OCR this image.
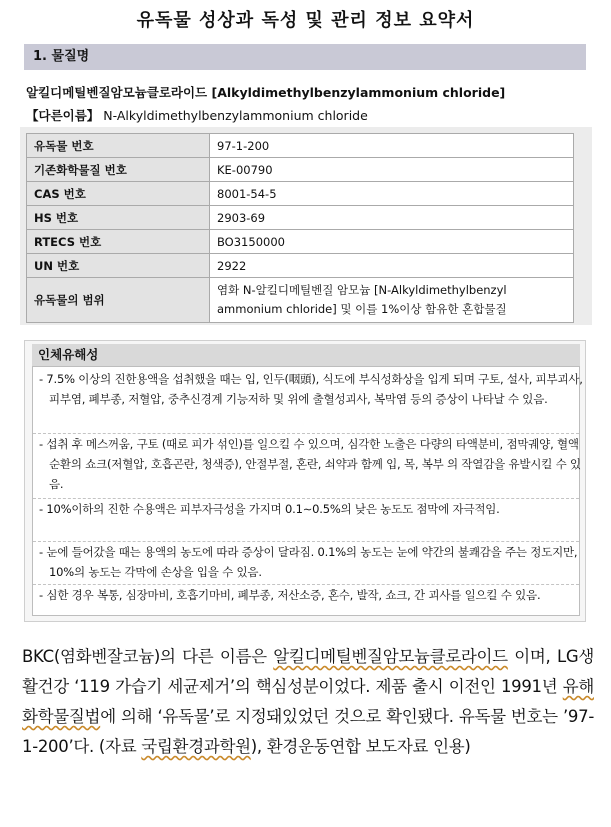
유독물 성상과 독성 및 관리 정보 요약서
1. 물질명
알킬디메틸벤질암모늄클로라이드 [Alkyldimethylbenzylammonium chloride]
【다른이름】 N-Alkyldimethylbenzylammonium chloride
유독물 번호	97-1-200
기존화학물질 번호	KE-00790
CAS 번호	8001-54-5
HS 번호	2903-69
RTECS 번호	BO3150000
UN 번호	2922
유독물의 범위	염화 N-알킬디메틸벤질 암모늄 [N-Alkyldimethylbenzyl
ammonium chloride] 및 이를 1%이상 함유한 혼합물질
인체유해성
- 7.5% 이상의 진한용액을 섭취했을 때는 입, 인두(咽頭), 식도에 부식성화상을 입게 되며 구토, 설사, 피부괴사, 피부염, 폐부종, 저혈압, 중추신경계 기능저하 및 위에 출혈성괴사, 복막염 등의 증상이 나타날 수 있음.
- 섭취 후 메스꺼움, 구토 (때로 피가 섞인)를 일으킬 수 있으며, 심각한 노출은 다량의 타액분비, 점막궤양, 혈액순환의 쇼크(저혈압, 호흡곤란, 청색증), 안절부절, 혼란, 쇠약과 함께 입, 목, 복부 의 작열감을 유발시킬 수 있음.
- 10%이하의 진한 수용액은 피부자극성을 가지며 0.1∼0.5%의 낮은 농도도 점막에 자극적임.
- 눈에 들어갔을 때는 용액의 농도에 따라 증상이 달라짐. 0.1%의 농도는 눈에 약간의 불쾌감을 주는 정도지만, 10%의 농도는 각막에 손상을 입을 수 있음.
- 심한 경우 복통, 심장마비, 호흡기마비, 폐부종, 저산소증, 혼수, 발작, 쇼크, 간 괴사를 일으킬 수 있음.
BKC(염화벤잘코늄)의 다른 이름은 알킬디메틸벤질암모늄클로라이드 이며, LG생활건강 ‘119 가습기 세균제거’의 핵심성분이었다. 제품 출시 이전인 1991년 유해화학물질법에 의해 ‘유독물’로 지정돼있었던 것으로 확인됐다. 유독물 번호는 ’97-1-200’다. (자료 국립환경과학원), 환경운동연합 보도자료 인용)
